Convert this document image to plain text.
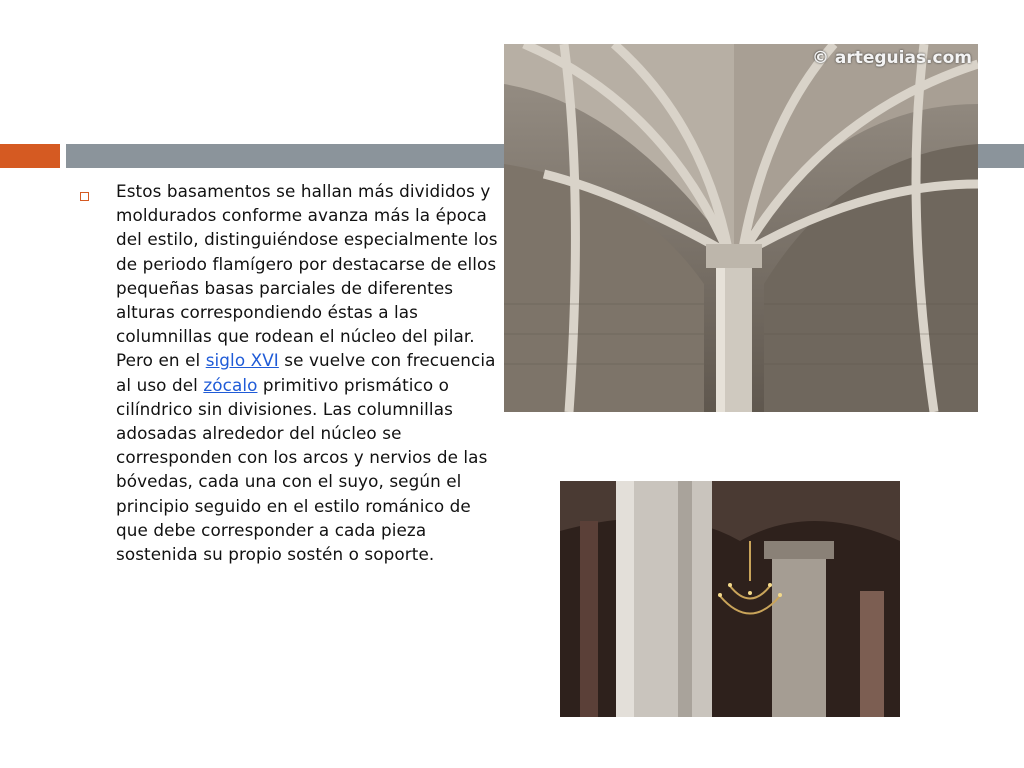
© arteguias.com
Estos basamentos se hallan más divididos y moldurados conforme avanza más la época del estilo, distinguiéndose especialmente los de periodo flamígero por destacarse de ellos pequeñas basas parciales de diferentes alturas correspondiendo éstas a las columnillas que rodean el núcleo del pilar. Pero en el siglo XVI se vuelve con frecuencia al uso del zócalo primitivo prismático o cilíndrico sin divisiones. Las columnillas adosadas alrededor del núcleo se corresponden con los arcos y nervios de las bóvedas, cada una con el suyo, según el principio seguido en el estilo románico de que debe corresponder a cada pieza sostenida su propio sostén o soporte.
